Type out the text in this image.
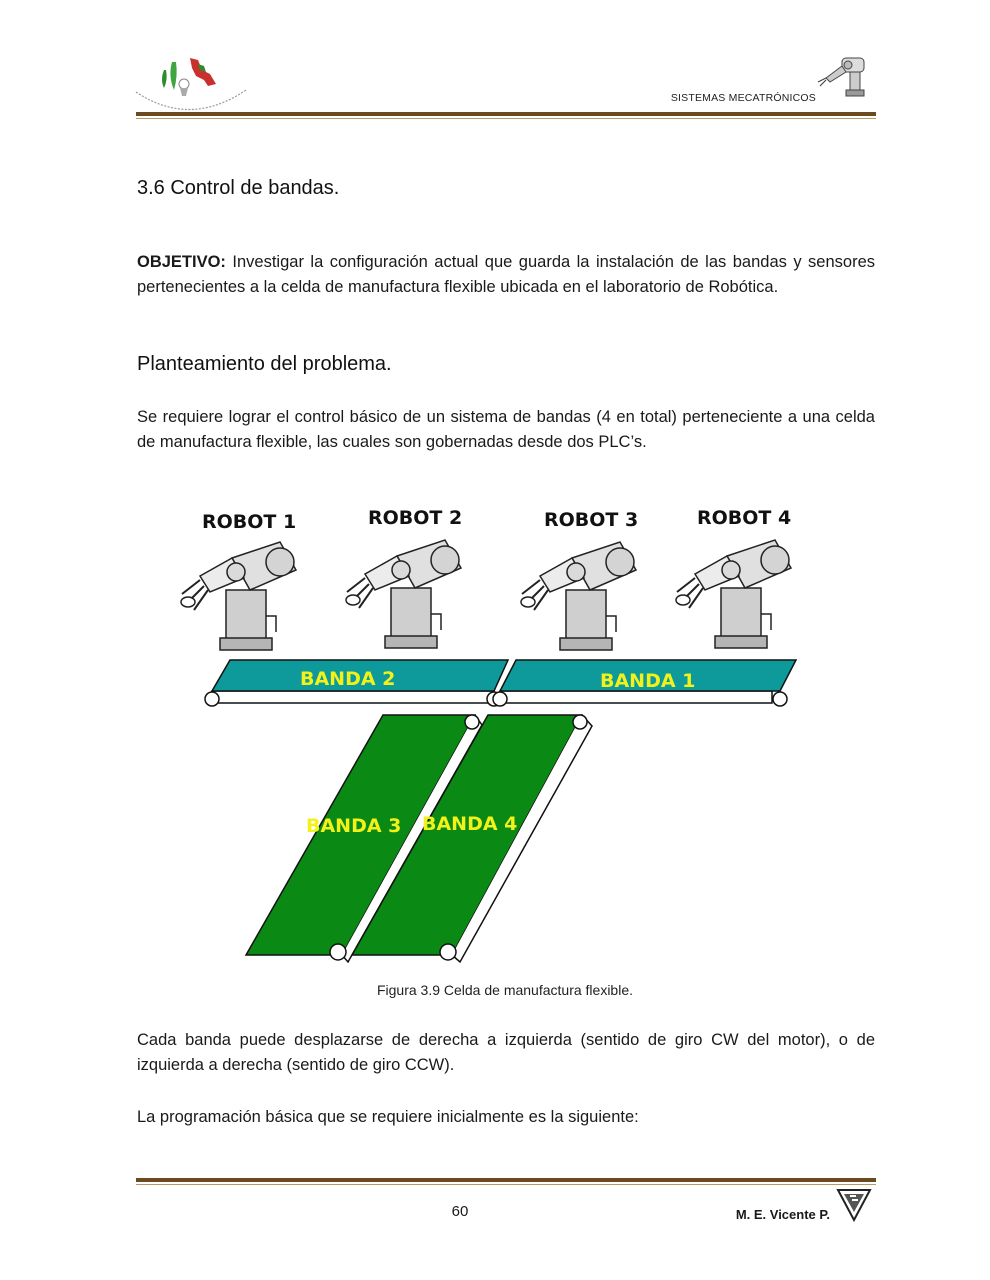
SISTEMAS MECATRÓNICOS
3.6 Control de bandas.
OBJETIVO: Investigar la configuración actual que guarda la instalación de las bandas y sensores pertenecientes a la celda de manufactura flexible ubicada en el laboratorio de Robótica.
Planteamiento del problema.
Se requiere lograr el control básico de un sistema de bandas (4 en total) perteneciente a una celda de manufactura flexible, las cuales son gobernadas desde dos PLC’s.
ROBOT 1	ROBOT 2	ROBOT 3	ROBOT 4
BANDA 2	BANDA 1
BANDA 3 BANDA 4
Figura 3.9 Celda de manufactura flexible.
Cada banda puede desplazarse de derecha a izquierda (sentido de giro CW del motor), o de izquierda a derecha (sentido de giro CCW).
La programación básica que se requiere inicialmente es la siguiente:
60	M. E. Vicente P.
